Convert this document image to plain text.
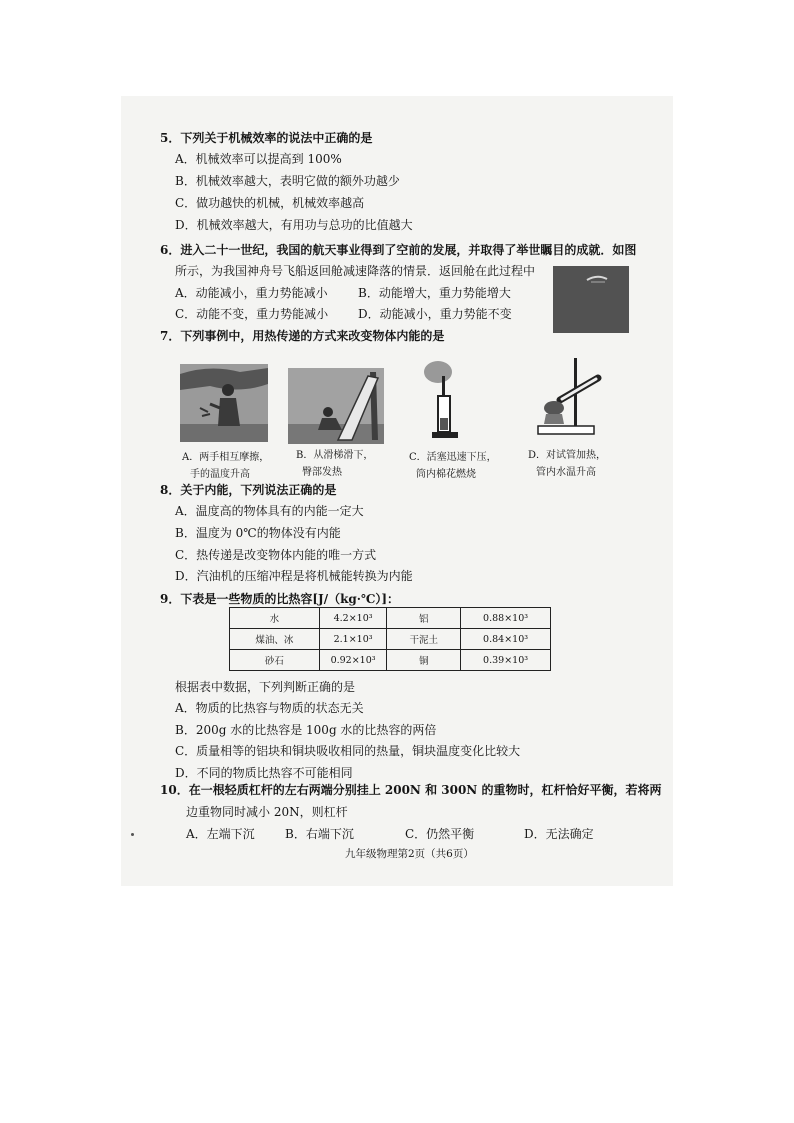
5．下列关于机械效率的说法中正确的是
A．机械效率可以提高到 100%
B．机械效率越大，表明它做的额外功越少
C．做功越快的机械，机械效率越高
D．机械效率越大，有用功与总功的比值越大
6．进入二十一世纪，我国的航天事业得到了空前的发展，并取得了举世瞩目的成就．如图
所示，为我国神舟号飞船返回舱减速降落的情景．返回舱在此过程中
A．动能减小，重力势能减小	B．动能增大，重力势能增大
C．动能不变，重力势能减小 D．动能减小，重力势能不变
7．下列事例中，用热传递的方式来改变物体内能的是
A．两手相互摩擦，
手的温度升高
B．从滑梯滑下，
臀部发热
C．活塞迅速下压，
筒内棉花燃烧
D．对试管加热，
管内水温升高
8．关于内能，下列说法正确的是
A．温度高的物体具有的内能一定大
B．温度为 0℃的物体没有内能
C．热传递是改变物体内能的唯一方式
D．汽油机的压缩冲程是将机械能转换为内能
9．下表是一些物质的比热容[J/（kg·℃）]：
水	4.2×10³	铝	0.88×10³
煤油、冰	2.1×10³	干泥土	0.84×10³
砂石	0.92×10³	铜	0.39×10³
根据表中数据，下列判断正确的是
A．物质的比热容与物质的状态无关
B．200g 水的比热容是 100g 水的比热容的两倍
C．质量相等的铝块和铜块吸收相同的热量，铜块温度变化比较大
D．不同的物质比热容不可能相同
10．在一根轻质杠杆的左右两端分别挂上 200N 和 300N 的重物时，杠杆恰好平衡，若将两
边重物同时减小 20N，则杠杆
A．左端下沉	B．右端下沉	C．仍然平衡	D．无法确定
九年级物理第2页（共6页）
